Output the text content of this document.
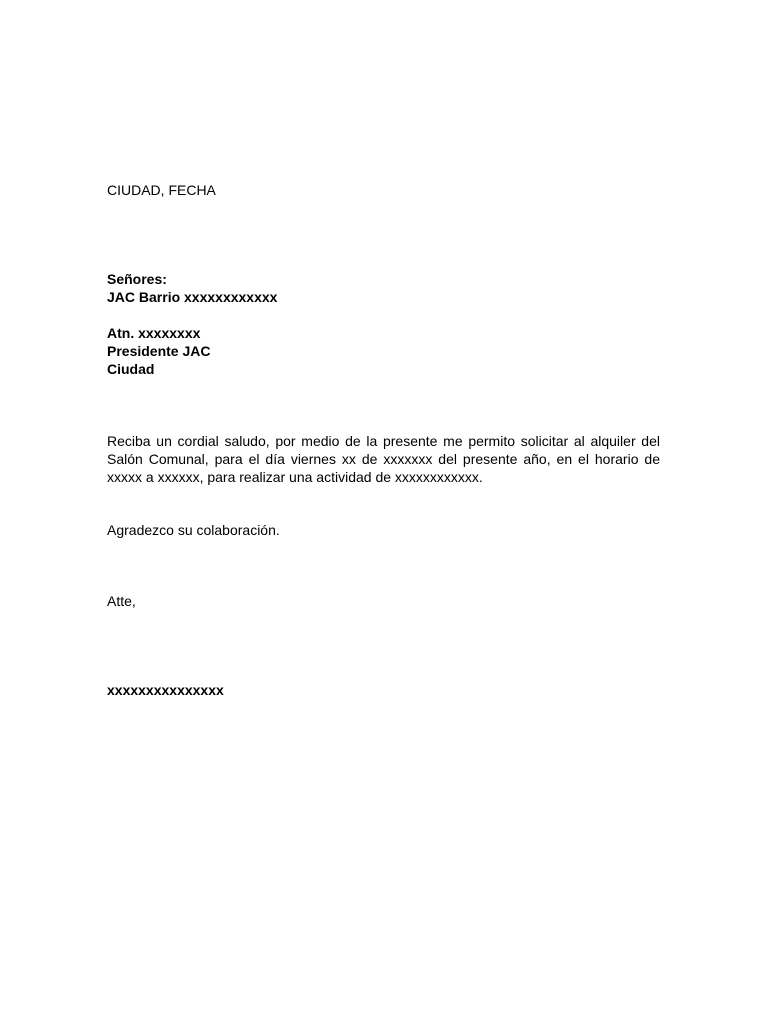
CIUDAD, FECHA
Señores:
JAC Barrio xxxxxxxxxxxx
Atn. xxxxxxxx
Presidente JAC
Ciudad
Reciba un cordial saludo, por medio de la presente me permito solicitar al alquiler del Salón Comunal, para el día viernes xx de xxxxxxx del presente año, en el horario de xxxxx a xxxxxx, para realizar una actividad de xxxxxxxxxxxx.
Agradezco su colaboración.
Atte,
xxxxxxxxxxxxxxx
